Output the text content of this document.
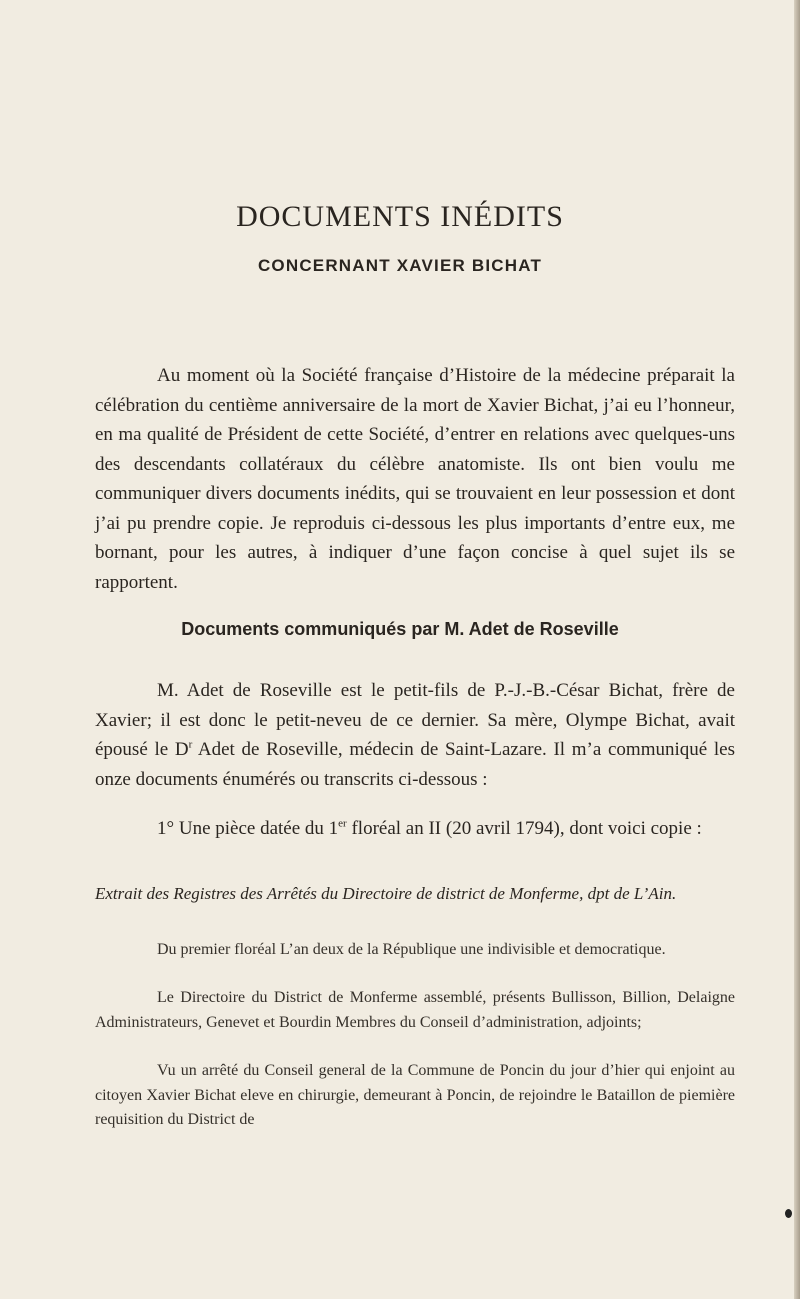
DOCUMENTS INÉDITS
CONCERNANT XAVIER BICHAT

Au moment où la Société française d’Histoire de la médecine préparait la célébration du centième anniversaire de la mort de Xavier Bichat, j’ai eu l’honneur, en ma qualité de Président de cette Société, d’entrer en relations avec quelques-uns des descendants collatéraux du célèbre anatomiste. Ils ont bien voulu me communiquer divers documents inédits, qui se trouvaient en leur possession et dont j’ai pu prendre copie. Je reproduis ci-dessous les plus importants d’entre eux, me bornant, pour les autres, à indiquer d’une façon concise à quel sujet ils se rapportent.

Documents communiqués par M. Adet de Roseville

M. Adet de Roseville est le petit-fils de P.-J.-B.-César Bichat, frère de Xavier; il est donc le petit-neveu de ce dernier. Sa mère, Olympe Bichat, avait épousé le $D^r$ Adet de Roseville, médecin de Saint-Lazare. Il m’a communiqué les onze documents énumérés ou transcrits ci-dessous :

1° Une pièce datée du 1er floréal an II (20 avril 1794), dont voici copie :

Extrait des Registres des Arrêtés du Directoire de district de Monferme, dpt de L’Ain.

Du premier floréal L’an deux de la République une indivisible et democratique.

Le Directoire du District de Monferme assemblé, présents Bullisson, Billion, Delaigne Administrateurs, Genevet et Bourdin Membres du Conseil d’administration, adjoints;

Vu un arrêté du Conseil general de la Commune de Poncin du jour d’hier qui enjoint au citoyen Xavier Bichat eleve en chirurgie, demeurant à Poncin, de rejoindre le Bataillon de piemière requisition du District de
